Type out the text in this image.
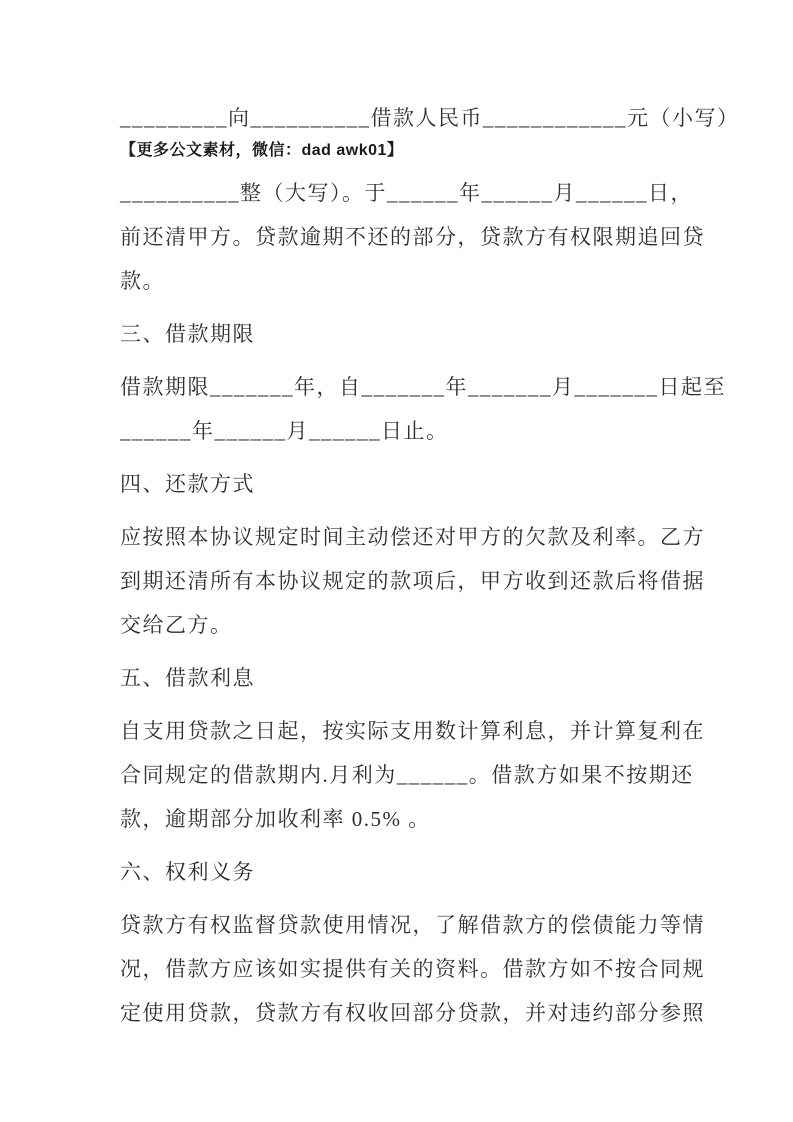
_________向__________借款人民币____________元（小写）
【更多公文素材，微信：dad awk01】
__________整（大写）。于______年______月______日，
前还清甲方。贷款逾期不还的部分，贷款方有权限期追回贷
款。
三、借款期限
借款期限_______年，自_______年_______月_______日起至
______年______月______日止。
四、还款方式
应按照本协议规定时间主动偿还对甲方的欠款及利率。乙方
到期还清所有本协议规定的款项后，甲方收到还款后将借据
交给乙方。
五、借款利息
自支用贷款之日起，按实际支用数计算利息，并计算复利在
合同规定的借款期内.月利为______。借款方如果不按期还
款，逾期部分加收利率 0.5% 。
六、权利义务
贷款方有权监督贷款使用情况，了解借款方的偿债能力等情
况，借款方应该如实提供有关的资料。借款方如不按合同规
定使用贷款，贷款方有权收回部分贷款，并对违约部分参照
